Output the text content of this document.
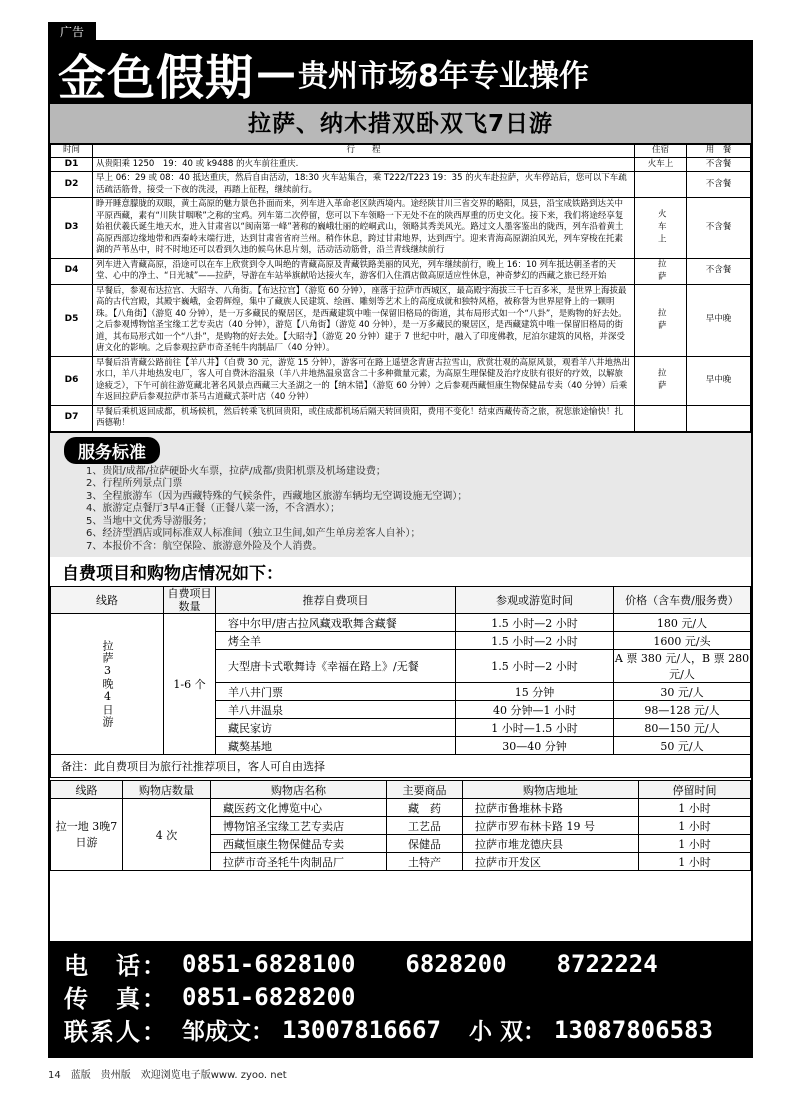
广告
金色假期 — 贵州市场8年专业操作
拉萨、纳木措双卧双飞7日游
时间	行　　程	住宿	用　餐
D1	从贵阳乘 1250　19：40 或 k9488 的火车前往重庆.	火车上	不含餐
D2	早上 06：29 或 08：40 抵达重庆，然后自由活动，18:30 火车站集合，乘 T222/T223 19：35 的火车赴拉萨，火车停站后，您可以下车疏活疏活筋骨，接受一下夜的洗浸，再踏上征程，继续前行。		不含餐
D3	睁开睡意朦胧的双眼，黄土高原的魅力景色扑面而来，列车进入革命老区陕西境内。途经陕甘川三省交界的略阳，凤县，沿宝成铁路到达关中平原西藏，素有“川陕甘咽喉”之称的宝鸡。列车第二次停留，您可以下车领略一下无处不在的陕西厚重的历史文化。接下来，我们将途经享复始祖伏羲氏诞生地天水，进入甘肃省以“闽南第一峰”著称的巍峨壮丽的崆峒武山，领略其秀美风光。路过文人墨客鉴出的陇西，列车沿着黄土高原西部边缘地带和西秦岭末端行进，达到甘肃省省府兰州。稍作休息，跨过甘肃地界，达到西宁。迎来青海高原湖泊风光，列车穿梭在托素湖的芦苇丛中，时不时地还可以看到久违的候鸟休息片刻，活动活动筋骨，沿兰青线继续前行	火车上	不含餐
D4	列车进入青藏高原，沿途可以在车上欣赏到令人叫绝的青藏高原及青藏铁路美丽的风光，列车继续前行，晚上 16：10 列车抵达朝圣者的天堂、心中的净土、“日光城”——拉萨，导游在车站举旗献哈达接火车，游客们入住酒店做高原适应性休息，神奇梦幻的西藏之旅已经开始	拉萨	不含餐
D5	早餐后，参观布达拉宫、大昭寺、八角街。【布达拉宫】（游览 60 分钟），座落于拉萨市西城区，最高殿宇海拔三千七百多米，是世界上海拔最高的古代宫殿，其殿宇巍峨，金碧辉煌，集中了藏族人民建筑、绘画、雕刻等艺术上的高度成就和独特风格，被称誉为世界屋脊上的一颗明珠。【八角街】（游览 40 分钟），是一万多藏民的聚居区，是西藏建筑中唯一保留旧格局的街道，其布局形式如一个“八卦”，是购物的好去处。之后参观博物馆圣宝缘工艺专卖店（40 分钟），游览【八角街】（游览 40 分钟），是一万多藏民的聚居区，是西藏建筑中唯一保留旧格局的街道，其布局形式如一个“八卦”，是购物的好去处。【大昭寺】（游览 20 分钟）建于 7 世纪中叶，融入了印度佛教，尼泊尔建筑的风格，并深受唐文化的影响。之后参观拉萨市奇圣牦牛肉制品厂（40 分钟）。	拉萨	早中晚
D6	早餐后沿青藏公路前往【羊八井】（自费 30 元，游览 15 分钟），游客可在路上遥望念青唐古拉雪山，欣赏壮观的高原风景，观看羊八井地热出水口，羊八井地热发电厂，客人可自费沐浴温泉（羊八井地热温泉富含二十多种微量元素，为高原生理保健及治疗皮肤有很好的疗效，以解旅途疲乏），下午可前往游览藏北著名风景点西藏三大圣湖之一的【纳木错】（游览 60 分钟）之后参观西藏恒康生物保健品专卖（40 分钟）后乘车返回拉萨后参观拉萨市茶马古道藏式茶叶店（40 分钟）	拉萨	早中晚
D7	早餐后乘机返回成都，机场候机，然后转乘飞机回贵阳，或住成都机场后隔天转回贵阳，费用不变化！结束西藏传奇之旅，祝您旅途愉快！扎西德勒！		
服务标准
1、贵阳/成都/拉萨硬卧火车票，拉萨/成都/贵阳机票及机场建设费；
2、行程所列景点门票
3、全程旅游车（因为西藏特殊的气候条件，西藏地区旅游车辆均无空调设施无空调）；
4、旅游定点餐厅3早4正餐（正餐八菜一汤，不含酒水）；
5、当地中文优秀导游服务；
6、经济型酒店或同标准双人标准间（独立卫生间,如产生单房差客人自补）；
7、本报价不含：航空保险、旅游意外险及个人消费。
自费项目和购物店情况如下：
线路	自费项目数量	推荐自费项目	参观或游览时间	价格（含车费/服务费）
拉萨3晚4日游	1-6 个	容中尔甲/唐古拉风藏戏歌舞含藏餐	1.5 小时—2 小时	180 元/人
		烤全羊	1.5 小时—2 小时	1600 元/头
		大型唐卡式歌舞诗《幸福在路上》/无餐	1.5 小时—2 小时	A 票 380 元/人，B 票 280 元/人
		羊八井门票	15 分钟	30 元/人
		羊八井温泉	40 分钟—1 小时	98—128 元/人
		藏民家访	1 小时—1.5 小时	80—150 元/人
		藏獒基地	30—40 分钟	50 元/人
备注：此自费项目为旅行社推荐项目，客人可自由选择
线路	购物店数量	购物店名称	主要商品	购物店地址	停留时间
拉一地 3晚7 日游	4 次	藏医药文化博览中心	藏　药	拉萨市鲁堆林卡路	1 小时
		博物馆圣宝缘工艺专卖店	工艺品	拉萨市罗布林卡路 19 号	1 小时
		西藏恒康生物保健品专卖	保健品	拉萨市堆龙德庆县	1 小时
		拉萨市奇圣牦牛肉制品厂	土特产	拉萨市开发区	1 小时
电　话： 0851-6828100 6828200 8722224
传　真： 0851-6828200
联系人： 邹成文： 13007816667 小 双： 13087806583
14　蓝版　贵州版　欢迎浏览电子版www. zyoo. net
